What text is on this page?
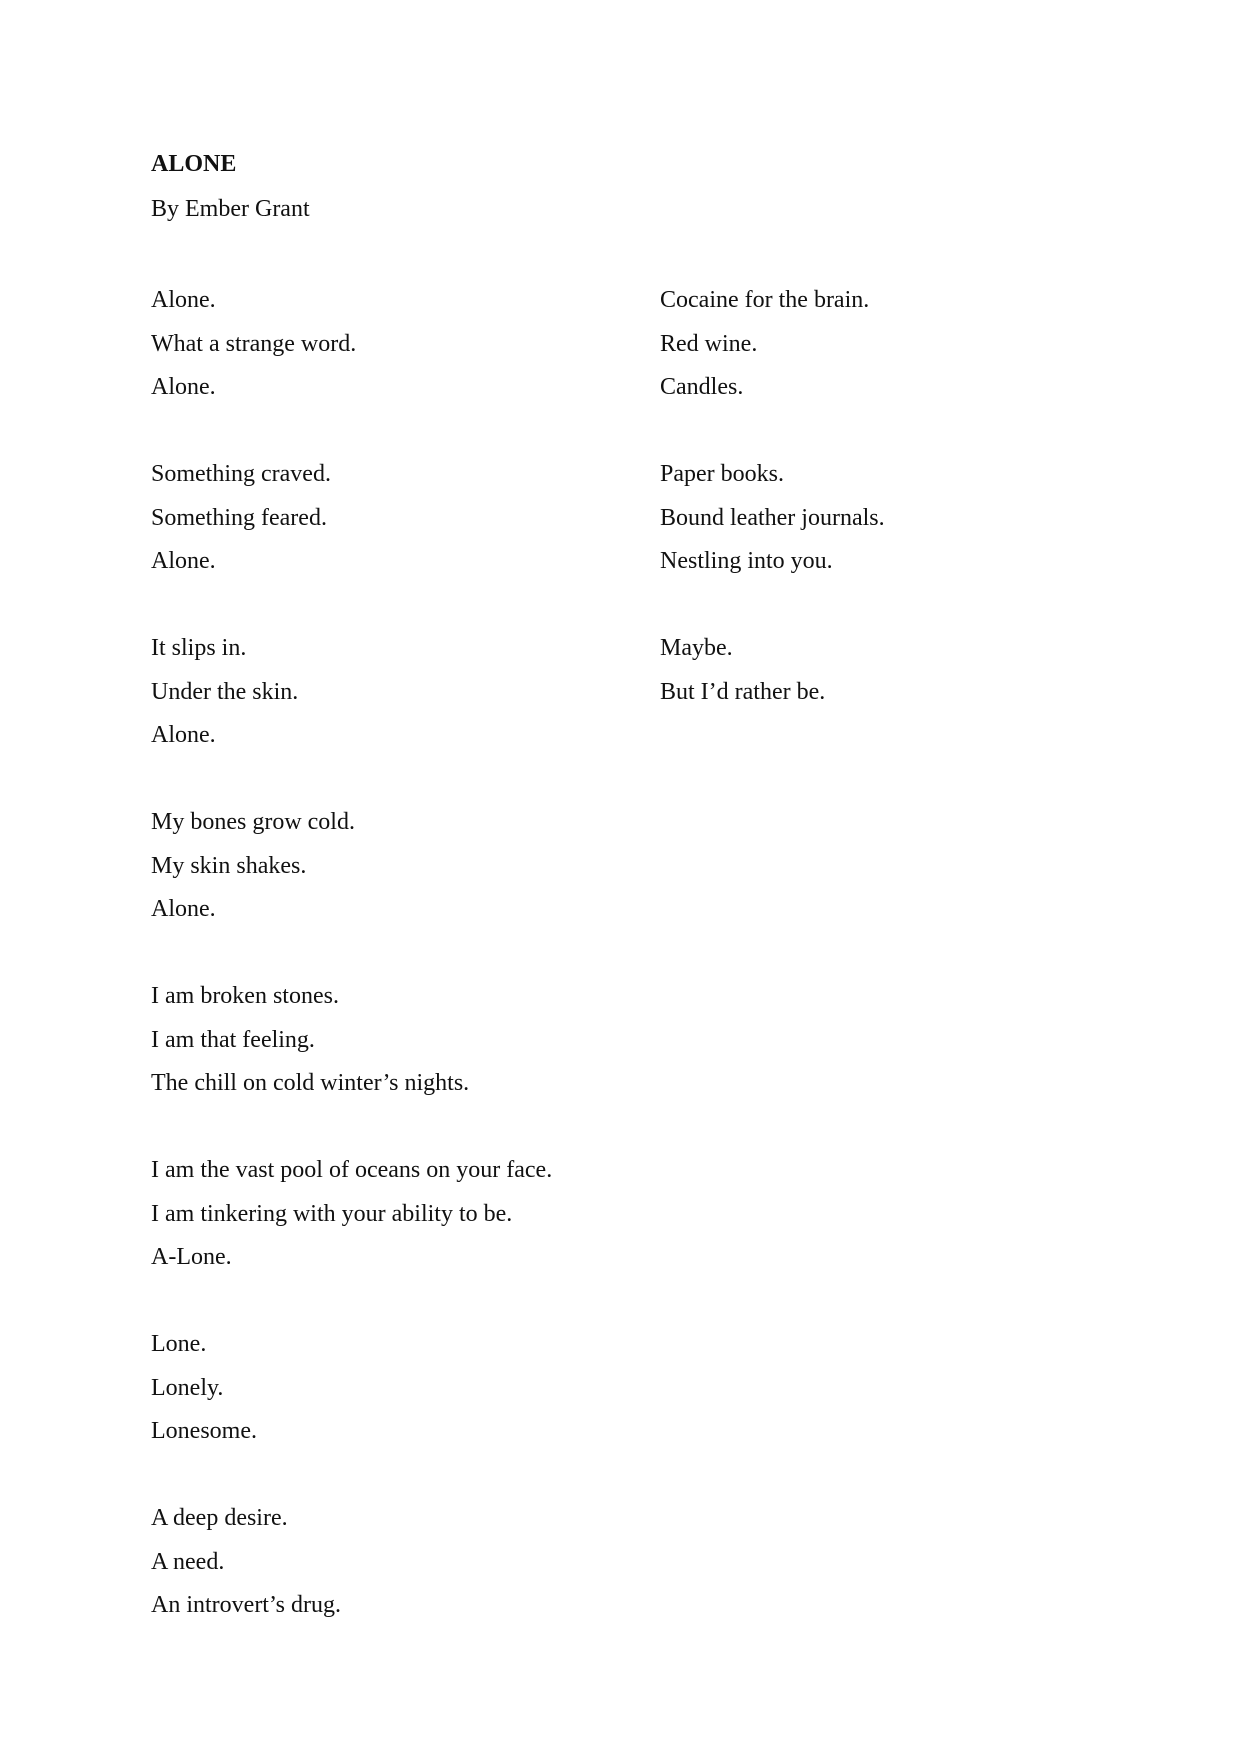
ALONE

By Ember Grant

Alone.
What a strange word.
Alone.
Something craved.
Something feared.
Alone.
It slips in.
Under the skin.
Alone.
My bones grow cold.
My skin shakes.
Alone.
I am broken stones.
I am that feeling.
The chill on cold winter’s nights.
I am the vast pool of oceans on your face.
I am tinkering with your ability to be.
A-Lone.
Lone.
Lonely.
Lonesome.
A deep desire.
A need.
An introvert’s drug.
Cocaine for the brain.
Red wine.
Candles.
Paper books.
Bound leather journals.
Nestling into you.
Maybe.
But I’d rather be.
